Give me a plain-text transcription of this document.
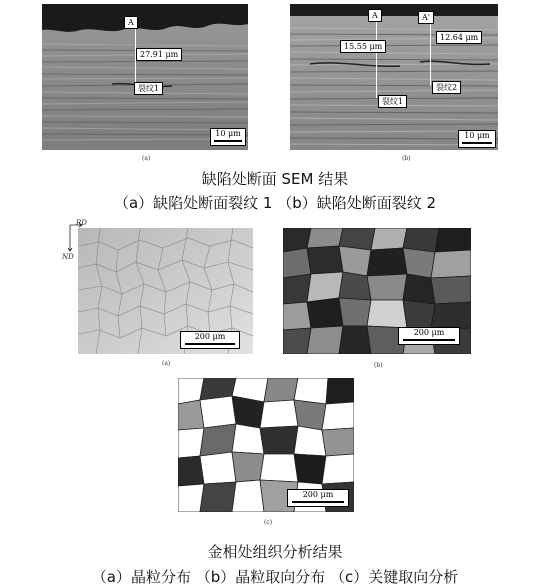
A
27.91 μm
裂纹1
10 μm
(a)
A	A'
15.55 μm
12.64 μm
裂纹1
裂纹2
10 μm
(b)
缺陷处断面 SEM 结果
（a）缺陷处断面裂纹 1 （b）缺陷处断面裂纹 2
RD
ND
200 μm
(a)
200 μm
(b)
200 μm
(c)
金相处组织分析结果
（a）晶粒分布 （b）晶粒取向分布 （c）关键取向分析
